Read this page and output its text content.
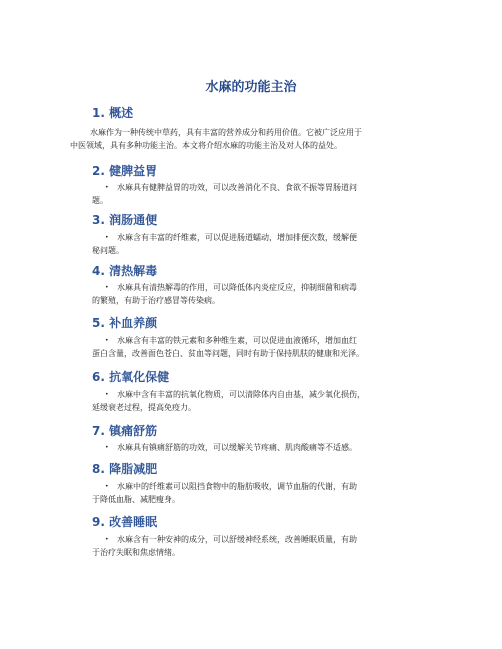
水麻的功能主治
1. 概述
水麻作为一种传统中草药，具有丰富的营养成分和药用价值。它被广泛应用于
中医领域，具有多种功能主治。本文将介绍水麻的功能主治及对人体的益处。
2. 健脾益胃
• 水麻具有健脾益胃的功效，可以改善消化不良、食欲不振等胃肠道问
题。
3. 润肠通便
• 水麻含有丰富的纤维素，可以促进肠道蠕动，增加排便次数，缓解便
秘问题。
4. 清热解毒
• 水麻具有清热解毒的作用，可以降低体内炎症反应，抑制细菌和病毒
的繁殖，有助于治疗感冒等传染病。
5. 补血养颜
• 水麻含有丰富的铁元素和多种维生素，可以促进血液循环，增加血红
蛋白含量，改善面色苍白、贫血等问题，同时有助于保持肌肤的健康和光泽。
6. 抗氧化保健
• 水麻中含有丰富的抗氧化物质，可以清除体内自由基，减少氧化损伤，
延缓衰老过程，提高免疫力。
7. 镇痛舒筋
• 水麻具有镇痛舒筋的功效，可以缓解关节疼痛、肌肉酸痛等不适感。
8. 降脂减肥
• 水麻中的纤维素可以阻挡食物中的脂肪吸收，调节血脂的代谢，有助
于降低血脂、减肥瘦身。
9. 改善睡眠
• 水麻含有一种安神的成分，可以舒缓神经系统，改善睡眠质量，有助
于治疗失眠和焦虑情绪。
